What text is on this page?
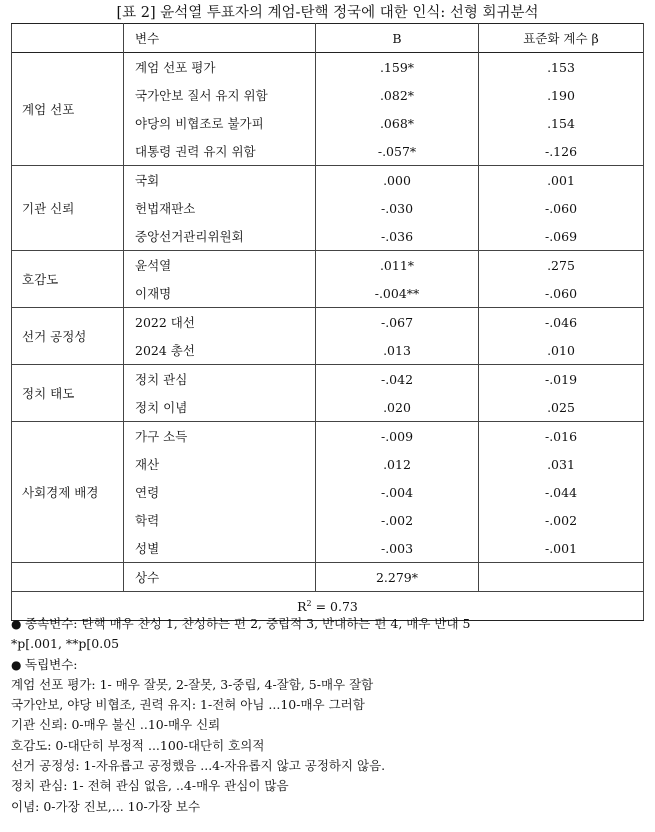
[표 2] 윤석열 투표자의 계엄-탄핵 정국에 대한 인식: 선형 회귀분석
	변수	B	표준화 계수 β
계엄 선포	계엄 선포 평가	.159*	.153
	국가안보 질서 유지 위함	.082*	.190
	야당의 비협조로 불가피	.068*	.154
	대통령 권력 유지 위함	-.057*	-.126
기관 신뢰	국회	.000	.001
	헌법재판소	-.030	-.060
	중앙선거관리위원회	-.036	-.069
호감도	윤석열	.011*	.275
	이재명	-.004**	-.060
선거 공정성	2022 대선	-.067	-.046
	2024 총선	.013	.010
정치 태도	정치 관심	-.042	-.019
	정치 이념	.020	.025
사회경제 배경	가구 소득	-.009	-.016
	재산	.012	.031
	연령	-.004	-.044
	학력	-.002	-.002
	성별	-.003	-.001
	상수	2.279*	
$R^2 = 0.73$			
● 종속변수: 탄핵 매우 찬성 1, 찬성하는 편 2, 중립적 3, 반대하는 편 4, 매우 반대 5
*p[.001, **p[0.05
● 독립변수:
계엄 선포 평가: 1- 매우 잘못, 2-잘못, 3-중립, 4-잘함, 5-매우 잘함
국가안보, 야당 비협조, 권력 유지: 1-전혀 아님 ...10-매우 그러함
기관 신뢰: 0-매우 불신 ..10-매우 신뢰
호감도: 0-대단히 부정적 ...100-대단히 호의적
선거 공정성: 1-자유롭고 공정했음 ...4-자유롭지 않고 공정하지 않음.
정치 관심: 1- 전혀 관심 없음, ..4-매우 관심이 많음
이념: 0-가장 진보,... 10-가장 보수
